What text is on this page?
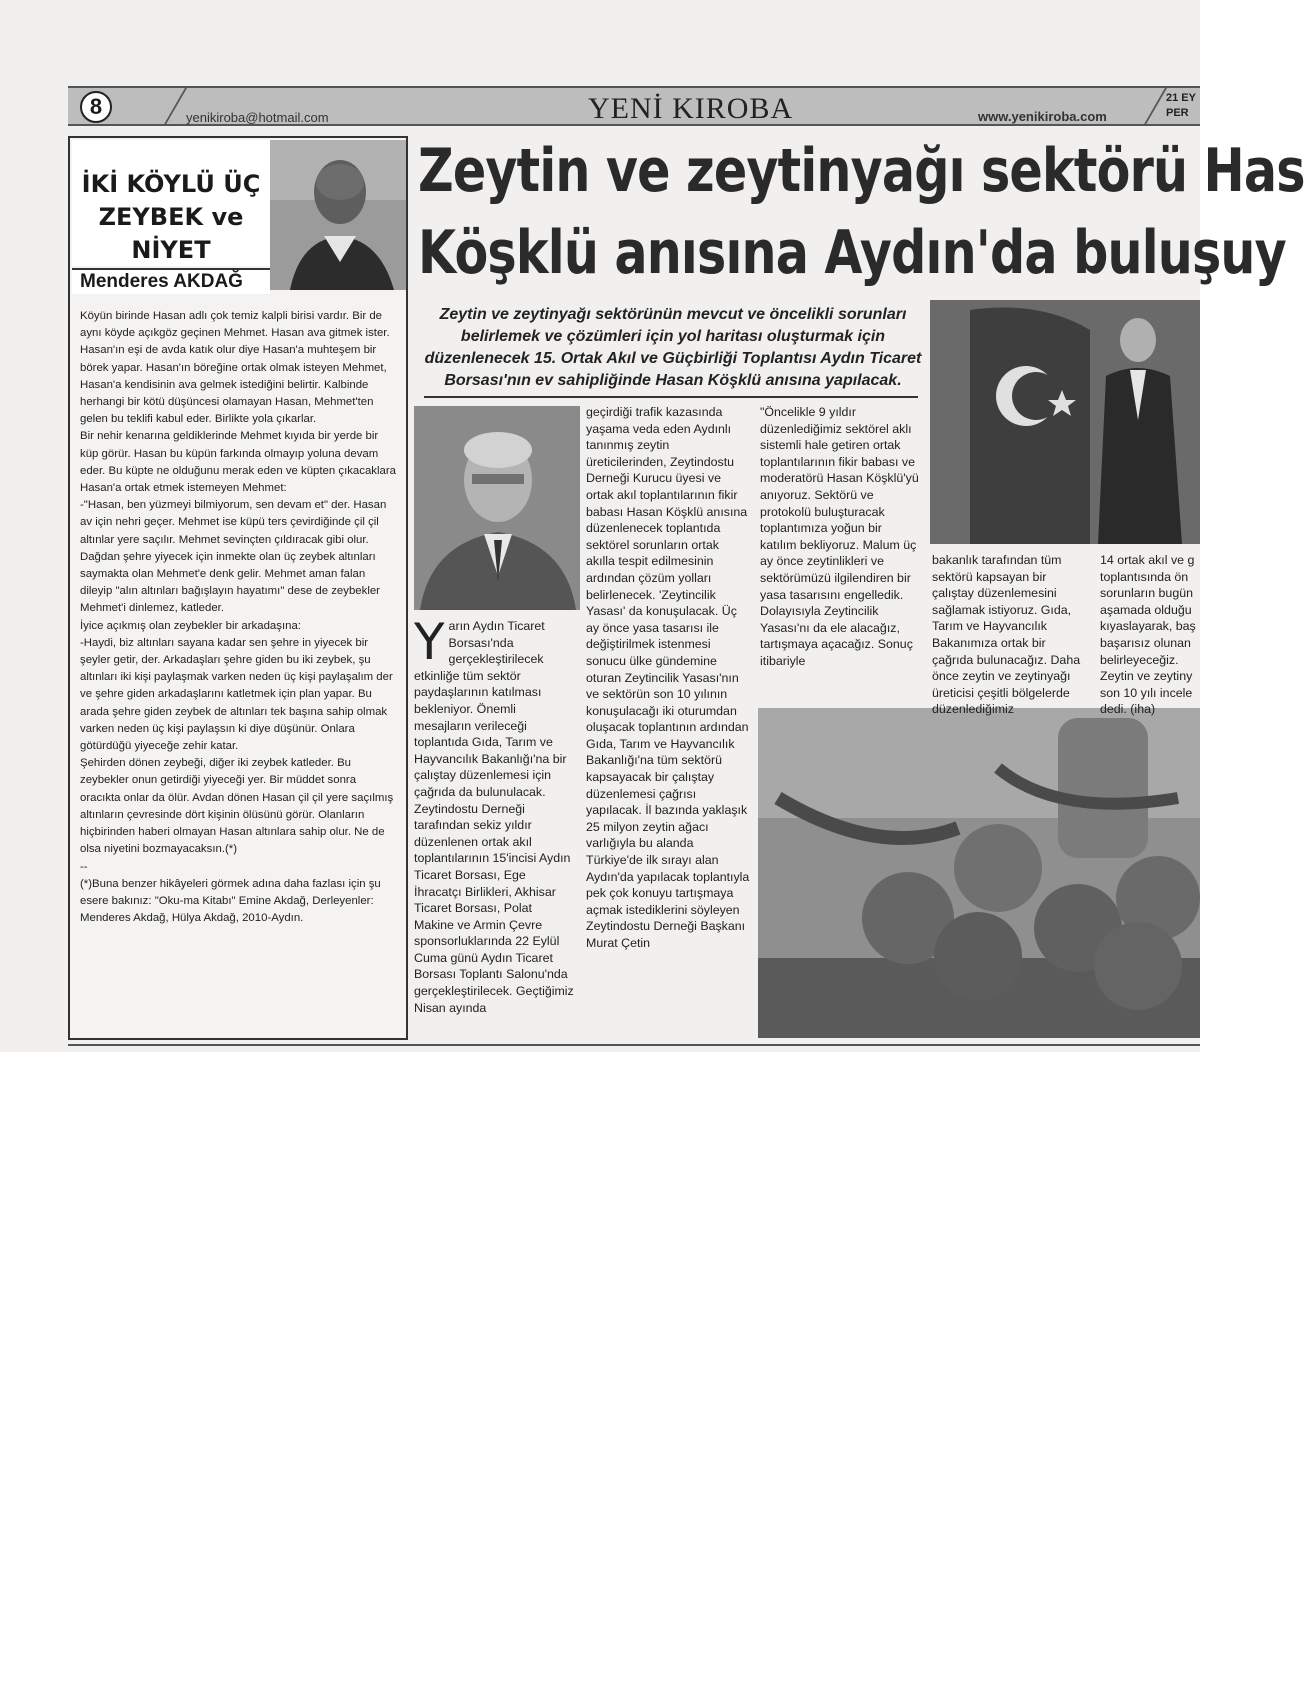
8	yenikiroba@hotmail.com	YENİ KIROBA	www.yenikiroba.com
21 EY
PER
İKİ KÖYLÜ ÜÇ
ZEYBEK ve NİYET
Menderes AKDAĞ

Köyün birinde Hasan adlı çok temiz kalpli birisi vardır. Bir de aynı köyde açıkgöz geçinen Mehmet. Hasan ava gitmek ister. Hasan'ın eşi de avda katık olur diye Hasan'a muhteşem bir börek yapar. Hasan'ın böreğine ortak olmak isteyen Mehmet, Hasan'a kendisinin ava gelmek istediğini belirtir. Kalbinde herhangi bir kötü düşüncesi olamayan Hasan, Mehmet'ten gelen bu teklifi kabul eder. Birlikte yola çıkarlar.

Bir nehir kenarına geldiklerinde Mehmet kıyıda bir yerde bir küp görür. Hasan bu küpün farkında olmayıp yoluna devam eder. Bu küpte ne olduğunu merak eden ve küpten çıkacaklara Hasan'a ortak etmek istemeyen Mehmet:

-"Hasan, ben yüzmeyi bilmiyorum, sen devam et" der. Hasan av için nehri geçer. Mehmet ise küpü ters çevirdiğinde çil çil altınlar yere saçılır. Mehmet sevinçten çıldıracak gibi olur.

Dağdan şehre yiyecek için inmekte olan üç zeybek altınları saymakta olan Mehmet'e denk gelir. Mehmet aman falan dileyip "alın altınları bağışlayın hayatımı" dese de zeybekler Mehmet'i dinlemez, katleder.

İyice açıkmış olan zeybekler bir arkadaşına:

-Haydi, biz altınları sayana kadar sen şehre in yiyecek bir şeyler getir, der. Arkadaşları şehre giden bu iki zeybek, şu altınları iki kişi paylaşmak varken neden üç kişi paylaşalım der ve şehre giden arkadaşlarını katletmek için plan yapar. Bu arada şehre giden zeybek de altınları tek başına sahip olmak varken neden üç kişi paylaşsın ki diye düşünür. Onlara götürdüğü yiyeceğe zehir katar.

Şehirden dönen zeybeği, diğer iki zeybek katleder. Bu zeybekler onun getirdiği yiyeceği yer. Bir müddet sonra oracıkta onlar da ölür. Avdan dönen Hasan çil çil yere saçılmış altınların çevresinde dört kişinin ölüsünü görür. Olanların hiçbirinden haberi olmayan Hasan altınlara sahip olur. Ne de olsa niyetini bozmayacaksın.(*)

--

(*)Buna benzer hikâyeleri görmek adına daha fazlası için şu esere bakınız: "Oku-ma Kitabı" Emine Akdağ, Derleyenler: Menderes Akdağ, Hülya Akdağ, 2010-Aydın.

Zeytin ve zeytinyağı sektörü Has
Köşklü anısına Aydın'da buluşuy
Zeytin ve zeytinyağı sektörünün mevcut ve öncelikli sorunları belirlemek ve çözümleri için yol haritası oluşturmak için düzenlenecek 15. Ortak Akıl ve Güçbirliği Toplantısı Aydın Ticaret Borsası'nın ev sahipliğinde Hasan Köşklü anısına yapılacak.

Yarın Aydın Ticaret Borsası'nda gerçekleştirilecek etkinliğe tüm sektör paydaşlarının katılması bekleniyor. Önemli mesajların verileceği toplantıda Gıda, Tarım ve Hayvancılık Bakanlığı'na bir çalıştay düzenlemesi için çağrıda da bulunulacak. Zeytindostu Derneği tarafından sekiz yıldır düzenlenen ortak akıl toplantılarının 15'incisi Aydın Ticaret Borsası, Ege İhracatçı Birlikleri, Akhisar Ticaret Borsası, Polat Makine ve Armin Çevre sponsorluklarında 22 Eylül Cuma günü Aydın Ticaret Borsası Toplantı Salonu'nda gerçekleştirilecek. Geçtiğimiz Nisan ayında

geçirdiği trafik kazasında yaşama veda eden Aydınlı tanınmış zeytin üreticilerinden, Zeytindostu Derneği Kurucu üyesi ve ortak akıl toplantılarının fikir babası Hasan Köşklü anısına düzenlenecek toplantıda sektörel sorunların ortak akılla tespit edilmesinin ardından çözüm yolları belirlenecek. 'Zeytincilik Yasası' da konuşulacak. Üç ay önce yasa tasarısı ile değiştirilmek istenmesi sonucu ülke gündemine oturan Zeytincilik Yasası'nın ve sektörün son 10 yılının konuşulacağı iki oturumdan oluşacak toplantının ardından Gıda, Tarım ve Hayvancılık Bakanlığı'na tüm sektörü kapsayacak bir çalıştay düzenlemesi çağrısı yapılacak. İl bazında yaklaşık 25 milyon zeytin ağacı varlığıyla bu alanda Türkiye'de ilk sırayı alan Aydın'da yapılacak toplantıyla pek çok konuyu tartışmaya açmak istediklerini söyleyen Zeytindostu Derneği Başkanı Murat Çetin

"Öncelikle 9 yıldır düzenlediğimiz sektörel aklı sistemli hale getiren ortak toplantılarının fikir babası ve moderatörü Hasan Köşklü'yü anıyoruz. Sektörü ve protokolü buluşturacak toplantımıza yoğun bir katılım bekliyoruz. Malum üç ay önce zeytinlikleri ve sektörümüzü ilgilendiren bir yasa tasarısını engelledik. Dolayısıyla Zeytincilik Yasası'nı da ele alacağız, tartışmaya açacağız. Sonuç itibariyle

bakanlık tarafından tüm sektörü kapsayan bir çalıştay düzenlemesini sağlamak istiyoruz. Gıda, Tarım ve Hayvancılık Bakanımıza ortak bir çağrıda bulunacağız. Daha önce zeytin ve zeytinyağı üreticisi çeşitli bölgelerde düzenlediğimiz

14 ortak akıl ve g toplantısında ön sorunların bugün aşamada olduğu kıyaslayarak, baş başarısız olunan belirleyeceğiz. Zeytin ve zeytiny son 10 yılı incele dedi. (iha)
